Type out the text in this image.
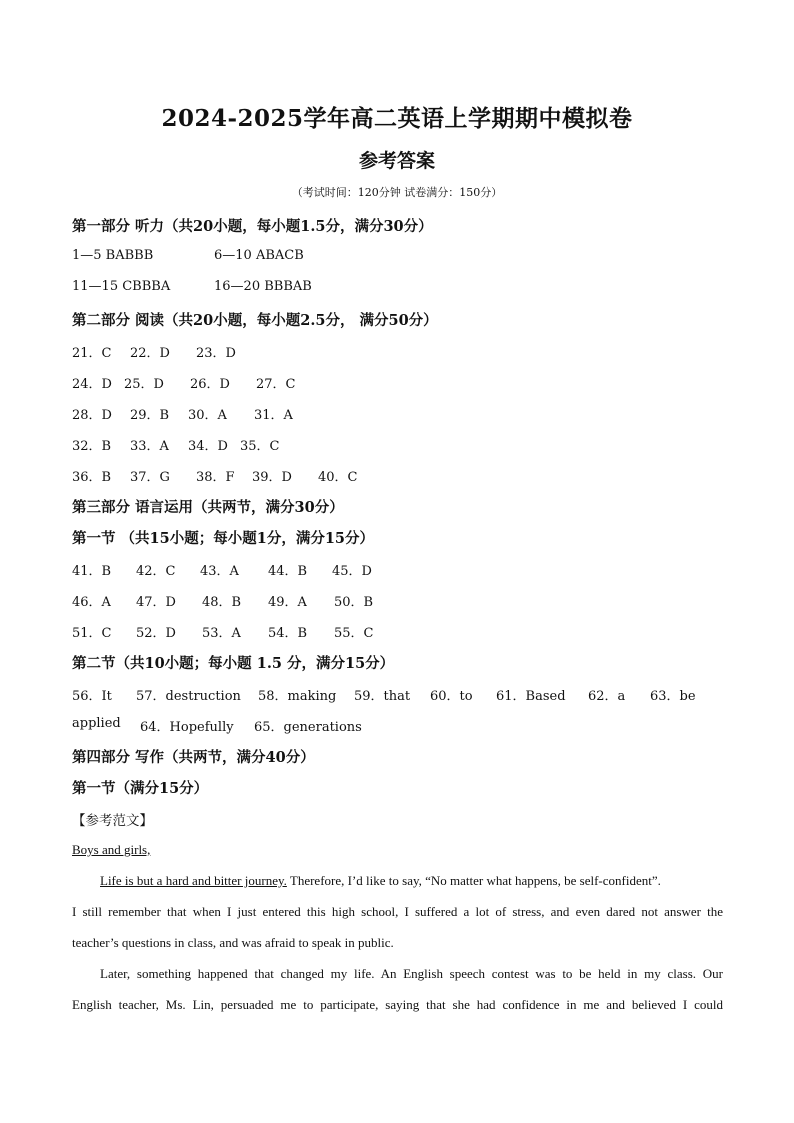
2024-2025学年高二英语上学期期中模拟卷
参考答案
（考试时间：120分钟 试卷满分：150分）
第一部分 听力（共20小题，每小题1.5分，满分30分）
1—5 BABBB	6—10 ABACB
11—15 CBBBA	16—20 BBBAB
第二部分 阅读（共20小题，每小题2.5分， 满分50分）
21．C 22．D 23．D
24．D 25．D 26．D 27．C
28．D 29．B 30．A 31．A
32．B 33．A 34．D 35．C
36．B 37．G 38．F 39．D 40．C
第三部分 语言运用（共两节，满分30分）
第一节 （共15小题；每小题1分，满分15分）
41．B 42．C 43．A 44．B 45．D
46．A 47．D 48．B 49．A 50．B
51．C 52．D 53．A 54．B 55．C
第二节（共10小题；每小题 1.5 分，满分15分）
56．It 57．destruction 58．making 59．that 60．to 61．Based 62．a 63．be
applied 64．Hopefully 65．generations
第四部分 写作（共两节，满分40分）
第一节（满分15分）
【参考范文】
Boys and girls,
Life is but a hard and bitter journey. Therefore, I’d like to say, “No matter what happens, be self-confident”.
I still remember that when I just entered this high school, I suffered a lot of stress, and even dared not answer the
teacher’s questions in class, and was afraid to speak in public.
Later, something happened that changed my life. An English speech contest was to be held in my class. Our
English teacher, Ms. Lin, persuaded me to participate, saying that she had confidence in me and believed I could
